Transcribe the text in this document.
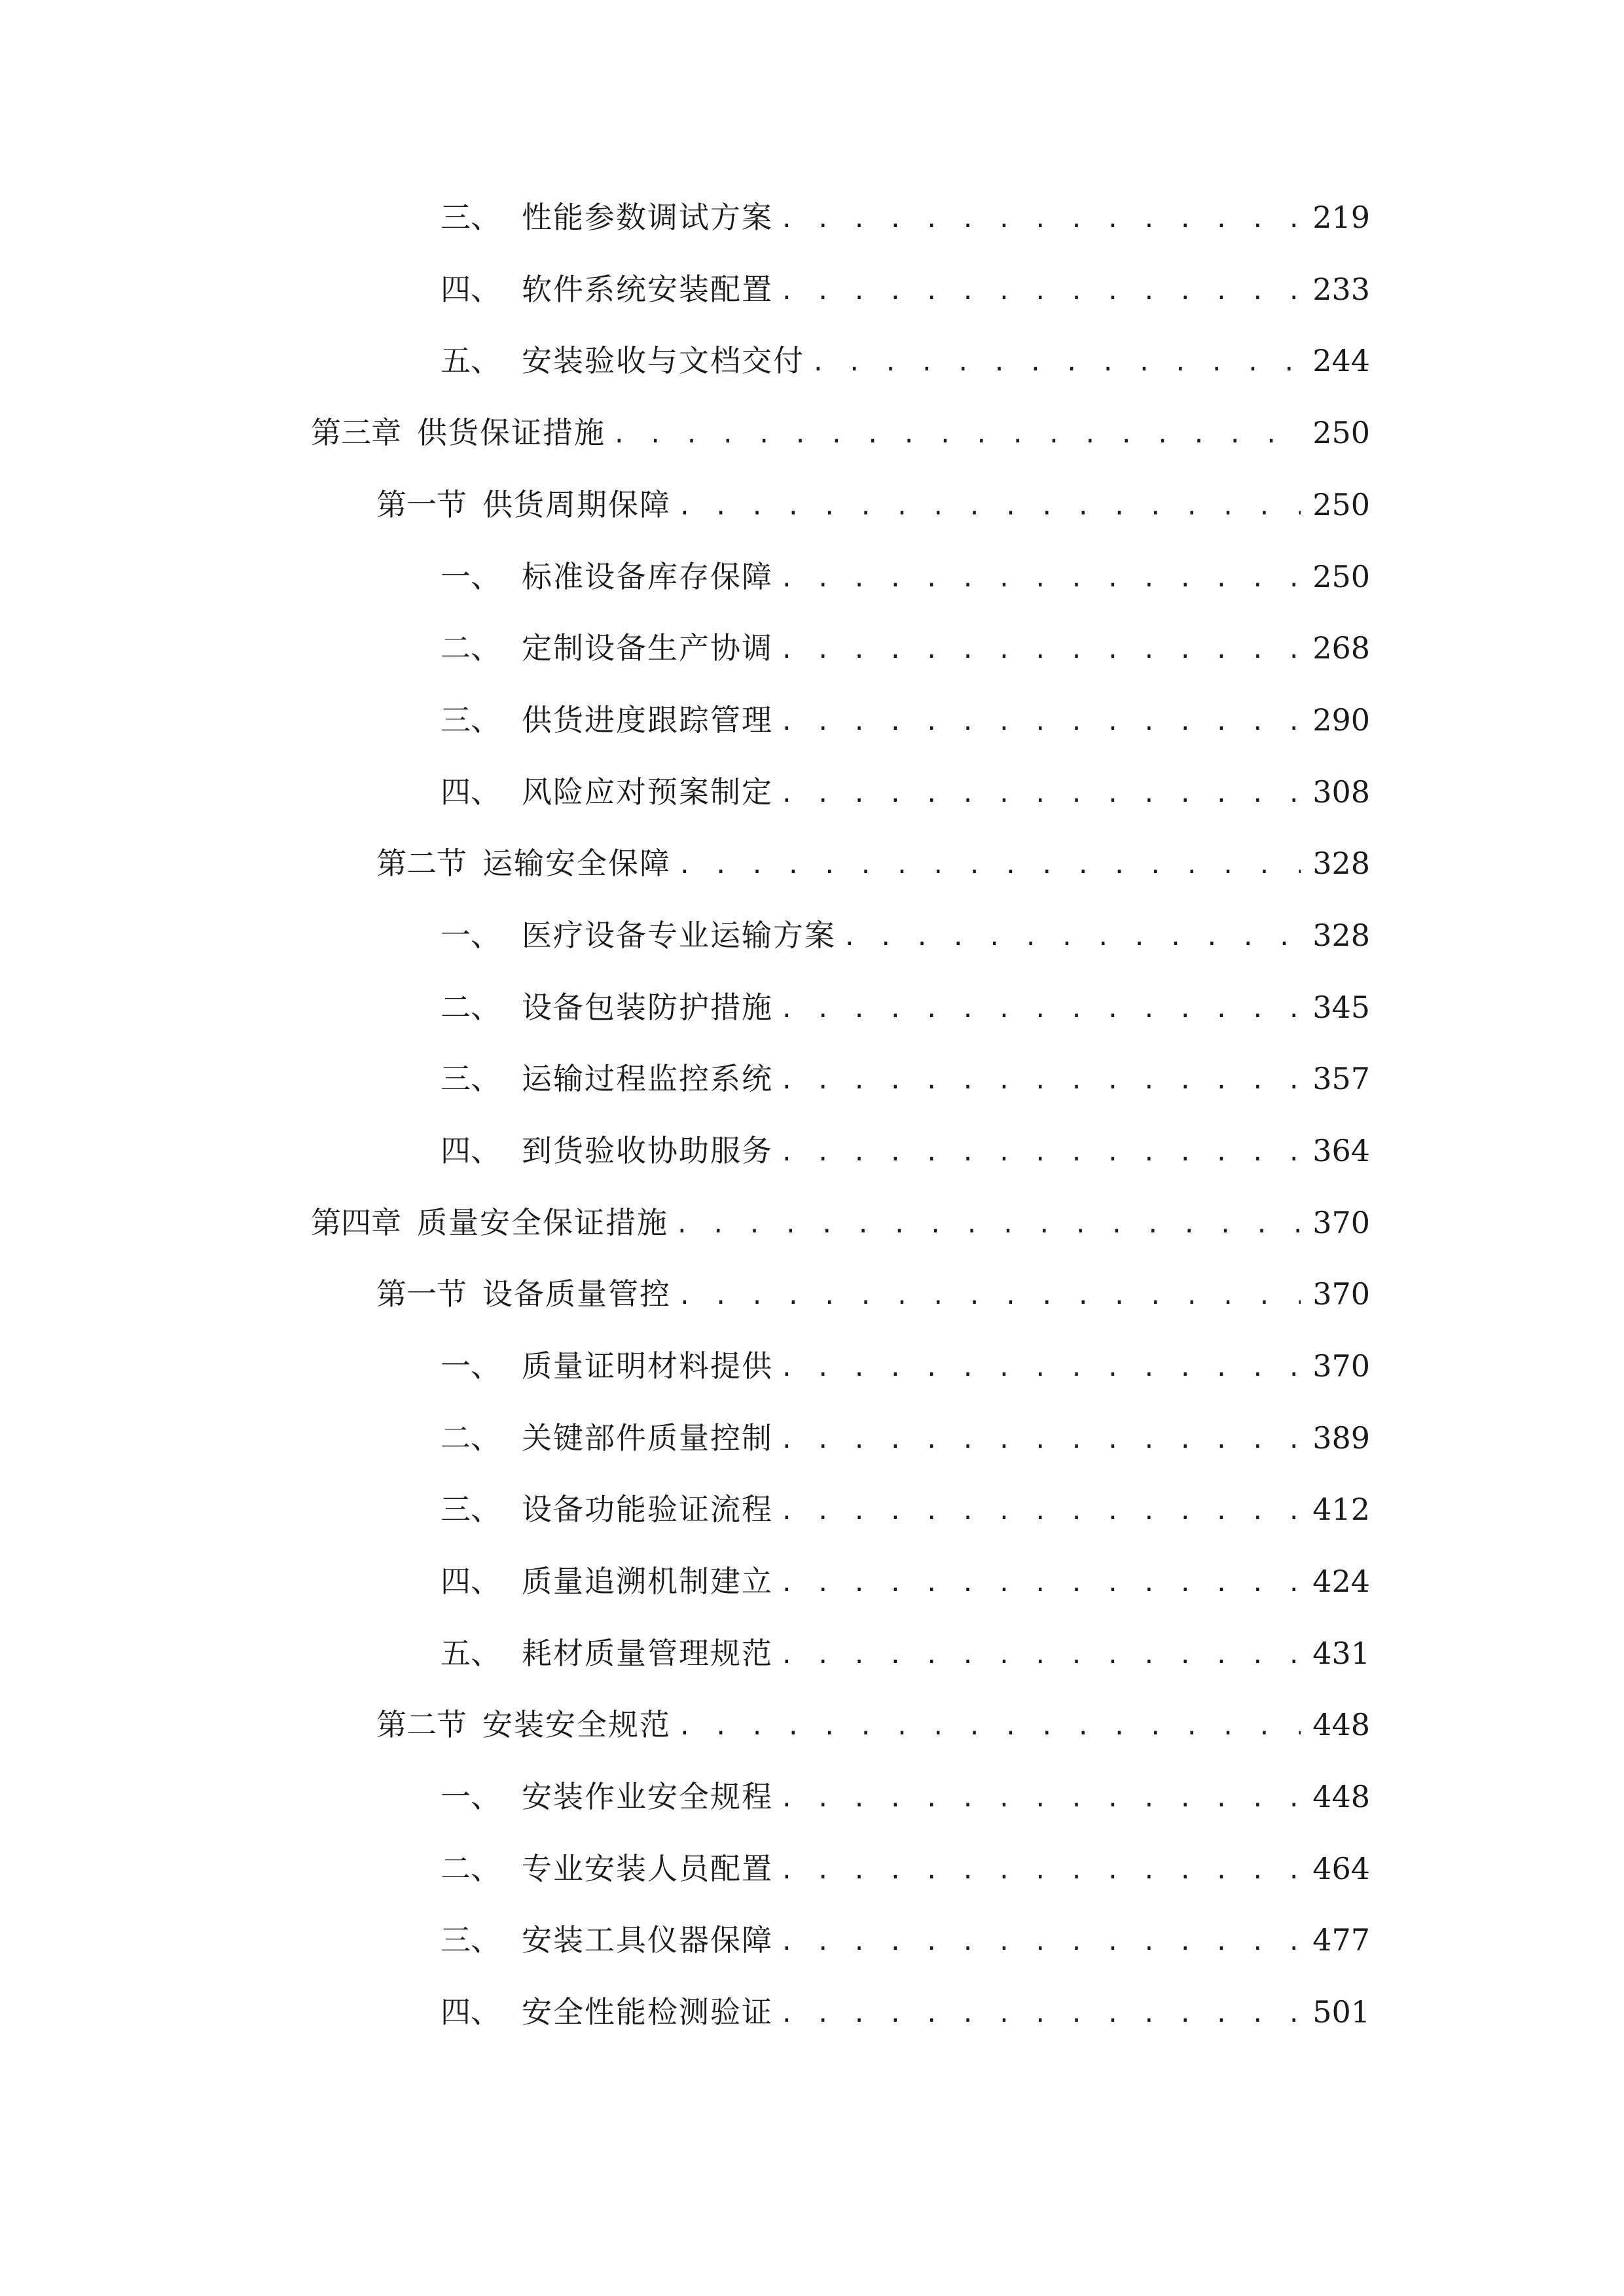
三、 性能参数调试方案 . . .	219
四、 软件系统安装配置 . . .	233
五、 安装验收与文档交付 . . .	244
第三章 供货保证措施 . . .	250
第一节 供货周期保障 . . .	250
一、 标准设备库存保障 . . .	250
二、 定制设备生产协调 . . .	268
三、 供货进度跟踪管理 . . .	290
四、 风险应对预案制定 . . .	308
第二节 运输安全保障 . . .	328
一、 医疗设备专业运输方案 . . .	328
二、 设备包装防护措施 . . .	345
三、 运输过程监控系统 . . .	357
四、 到货验收协助服务 . . .	364
第四章 质量安全保证措施 . . .	370
第一节 设备质量管控 . . .	370
一、 质量证明材料提供 . . .	370
二、 关键部件质量控制 . . .	389
三、 设备功能验证流程 . . .	412
四、 质量追溯机制建立 . . .	424
五、 耗材质量管理规范 . . .	431
第二节 安装安全规范 . . .	448
一、 安装作业安全规程 . . .	448
二、 专业安装人员配置 . . .	464
三、 安装工具仪器保障 . . .	477
四、 安全性能检测验证 . . .	501
